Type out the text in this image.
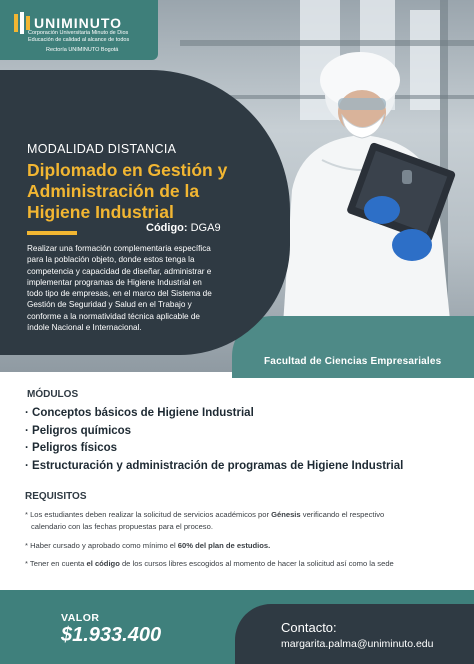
UNIMINUTO
Corporación Universitaria Minuto de Dios
Educación de calidad al alcance de todos
Rectoría UNIMINUTO Bogotá
MODALIDAD DISTANCIA
Diplomado en Gestión y Administración de la Higiene Industrial
Código: DGA9
Realizar una formación complementaria específica para la población objeto, donde estos tenga la competencia y capacidad de diseñar, administrar e implementar programas de Higiene Industrial en todo tipo de empresas, en el marco del Sistema de Gestión de Seguridad y Salud en el Trabajo y conforme a la normatividad técnica aplicable de índole Nacional e Internacional.
Facultad de Ciencias Empresariales
MÓDULOS
· Conceptos básicos de Higiene Industrial
· Peligros químicos
· Peligros físicos
· Estructuración y administración de programas de Higiene Industrial
REQUISITOS
* Los estudiantes deben realizar la solicitud de servicios académicos por Génesis verificando el respectivo
calendario con las fechas propuestas para el proceso.
* Haber cursado y aprobado como mínimo el 60% del plan de estudios.
* Tener en cuenta el código de los cursos libres escogidos al momento de hacer la solicitud así como la sede
VALOR
$1.933.400	Contacto:
margarita.palma@uniminuto.edu
